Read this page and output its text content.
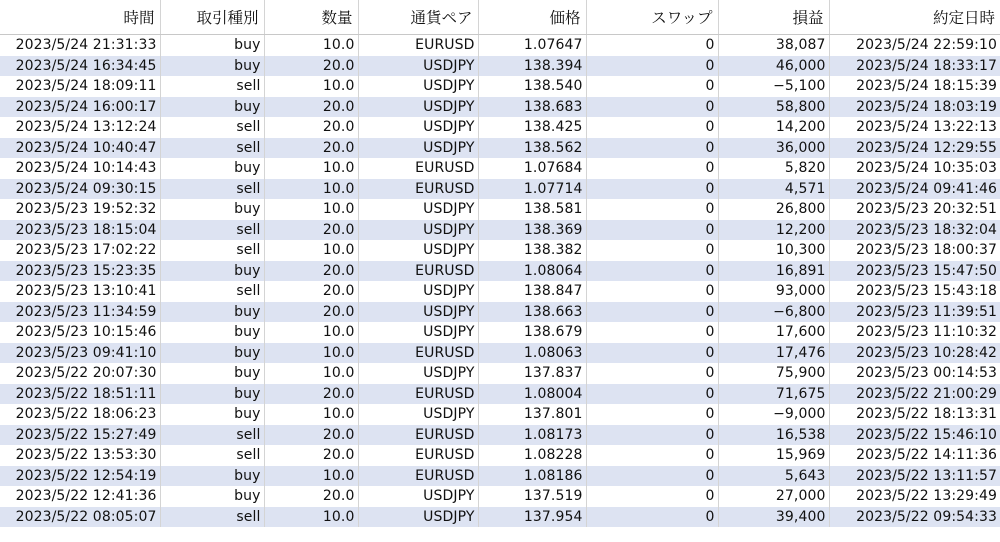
時間	取引種別	数量	通貨ペア	価格	スワップ	損益	約定日時
2023/5/24 21:31:33	buy	10.0	EURUSD	1.07647	0	38,087	2023/5/24 22:59:10
2023/5/24 16:34:45	buy	20.0	USDJPY	138.394	0	46,000	2023/5/24 18:33:17
2023/5/24 18:09:11	sell	10.0	USDJPY	138.540	0	−5,100	2023/5/24 18:15:39
2023/5/24 16:00:17	buy	20.0	USDJPY	138.683	0	58,800	2023/5/24 18:03:19
2023/5/24 13:12:24	sell	20.0	USDJPY	138.425	0	14,200	2023/5/24 13:22:13
2023/5/24 10:40:47	sell	20.0	USDJPY	138.562	0	36,000	2023/5/24 12:29:55
2023/5/24 10:14:43	buy	10.0	EURUSD	1.07684	0	5,820	2023/5/24 10:35:03
2023/5/24 09:30:15	sell	10.0	EURUSD	1.07714	0	4,571	2023/5/24 09:41:46
2023/5/23 19:52:32	buy	10.0	USDJPY	138.581	0	26,800	2023/5/23 20:32:51
2023/5/23 18:15:04	sell	20.0	USDJPY	138.369	0	12,200	2023/5/23 18:32:04
2023/5/23 17:02:22	sell	10.0	USDJPY	138.382	0	10,300	2023/5/23 18:00:37
2023/5/23 15:23:35	buy	20.0	EURUSD	1.08064	0	16,891	2023/5/23 15:47:50
2023/5/23 13:10:41	sell	20.0	USDJPY	138.847	0	93,000	2023/5/23 15:43:18
2023/5/23 11:34:59	buy	20.0	USDJPY	138.663	0	−6,800	2023/5/23 11:39:51
2023/5/23 10:15:46	buy	10.0	USDJPY	138.679	0	17,600	2023/5/23 11:10:32
2023/5/23 09:41:10	buy	10.0	EURUSD	1.08063	0	17,476	2023/5/23 10:28:42
2023/5/22 20:07:30	buy	10.0	USDJPY	137.837	0	75,900	2023/5/23 00:14:53
2023/5/22 18:51:11	buy	20.0	EURUSD	1.08004	0	71,675	2023/5/22 21:00:29
2023/5/22 18:06:23	buy	10.0	USDJPY	137.801	0	−9,000	2023/5/22 18:13:31
2023/5/22 15:27:49	sell	20.0	EURUSD	1.08173	0	16,538	2023/5/22 15:46:10
2023/5/22 13:53:30	sell	20.0	EURUSD	1.08228	0	15,969	2023/5/22 14:11:36
2023/5/22 12:54:19	buy	10.0	EURUSD	1.08186	0	5,643	2023/5/22 13:11:57
2023/5/22 12:41:36	buy	20.0	USDJPY	137.519	0	27,000	2023/5/22 13:29:49
2023/5/22 08:05:07	sell	10.0	USDJPY	137.954	0	39,400	2023/5/22 09:54:33
